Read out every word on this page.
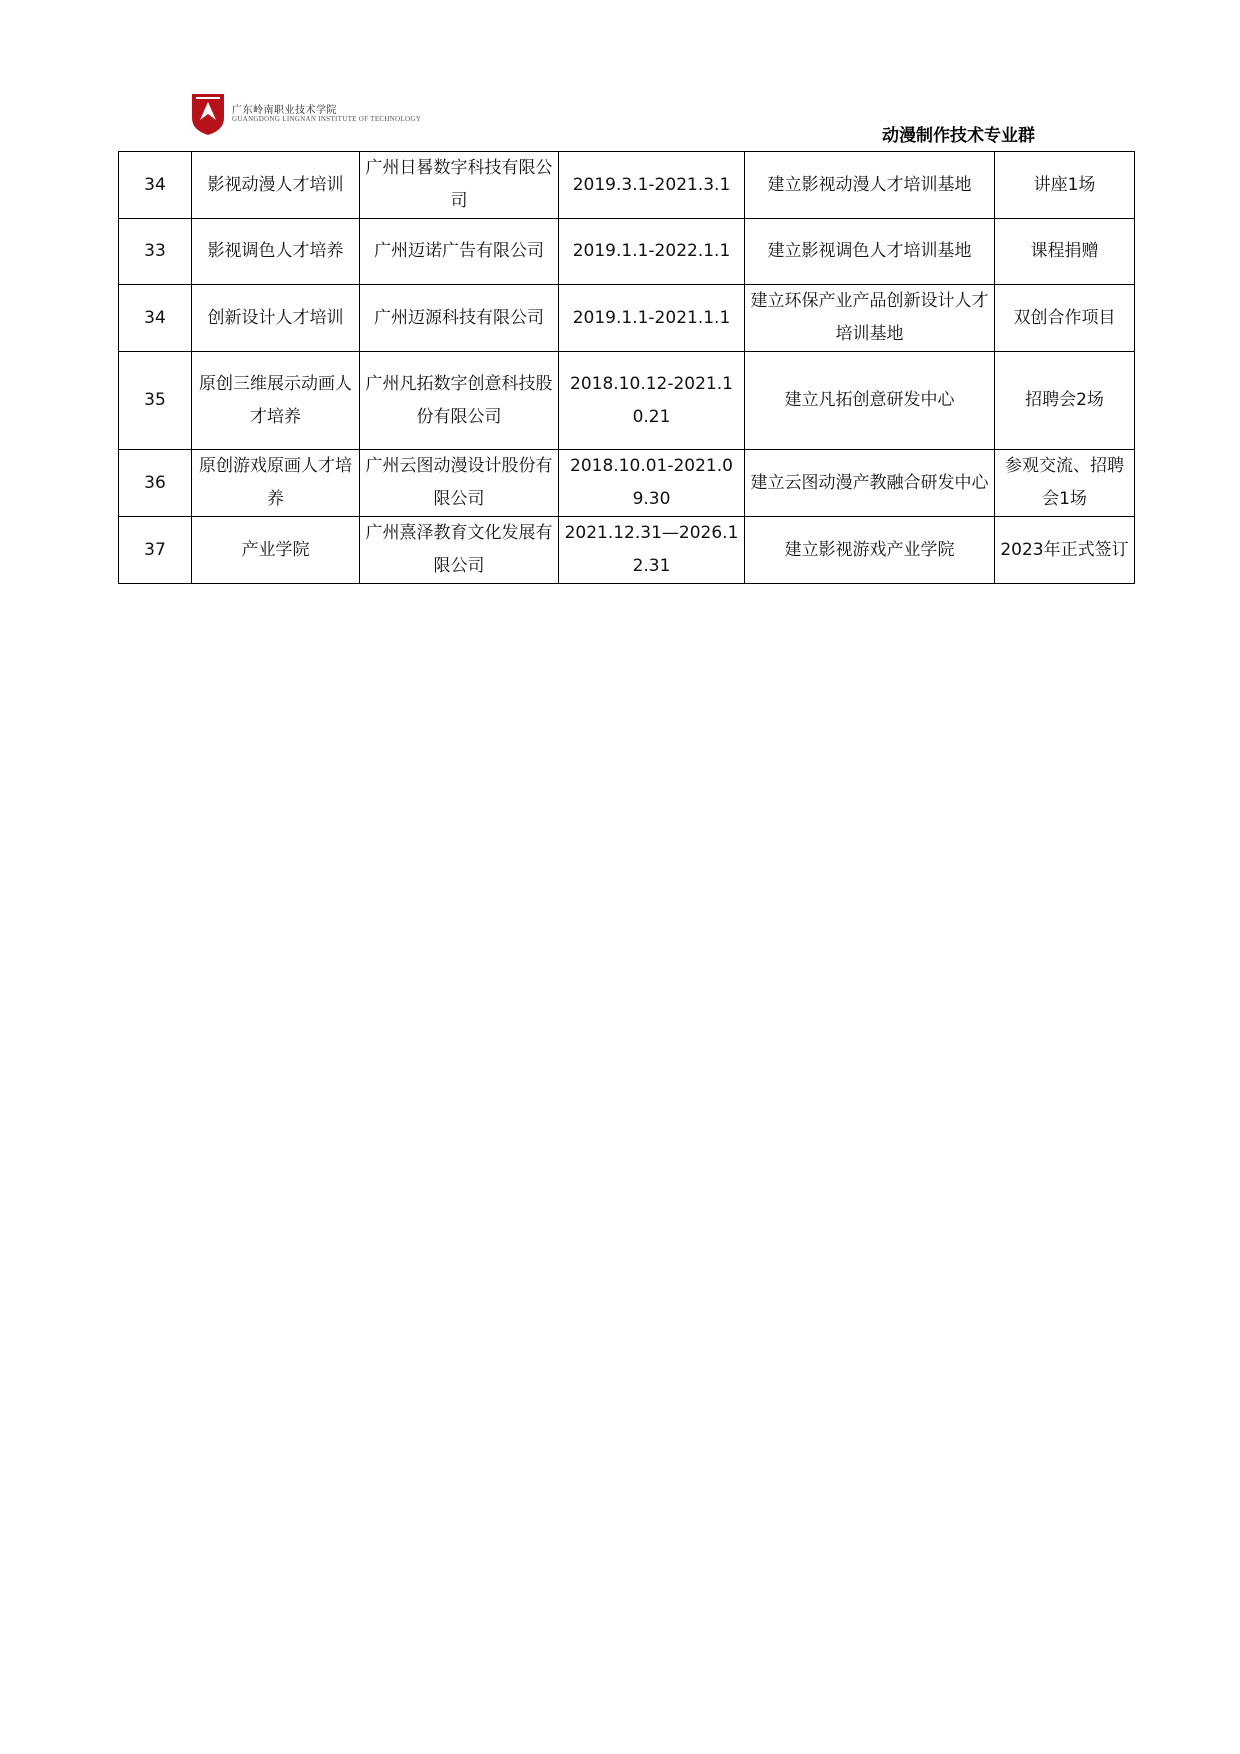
广东岭南职业技术学院
GUANGDONG LINGNAN INSTITUTE OF TECHNOLOGY
动漫制作技术专业群
34	影视动漫人才培训	广州日晷数字科技有限公司	2019.3.1-2021.3.1	建立影视动漫人才培训基地	讲座1场
33	影视调色人才培养	广州迈诺广告有限公司	2019.1.1-2022.1.1	建立影视调色人才培训基地	课程捐赠
34	创新设计人才培训	广州迈源科技有限公司	2019.1.1-2021.1.1	建立环保产业产品创新设计人才培训基地	双创合作项目
35	原创三维展示动画人才培养	广州凡拓数字创意科技股份有限公司	2018.10.12-2021.10.21	建立凡拓创意研发中心	招聘会2场
36	原创游戏原画人才培养	广州云图动漫设计股份有限公司	2018.10.01-2021.09.30	建立云图动漫产教融合研发中心	参观交流、招聘会1场
37	产业学院	广州熹泽教育文化发展有限公司	2021.12.31—2026.12.31	建立影视游戏产业学院	2023年正式签订
